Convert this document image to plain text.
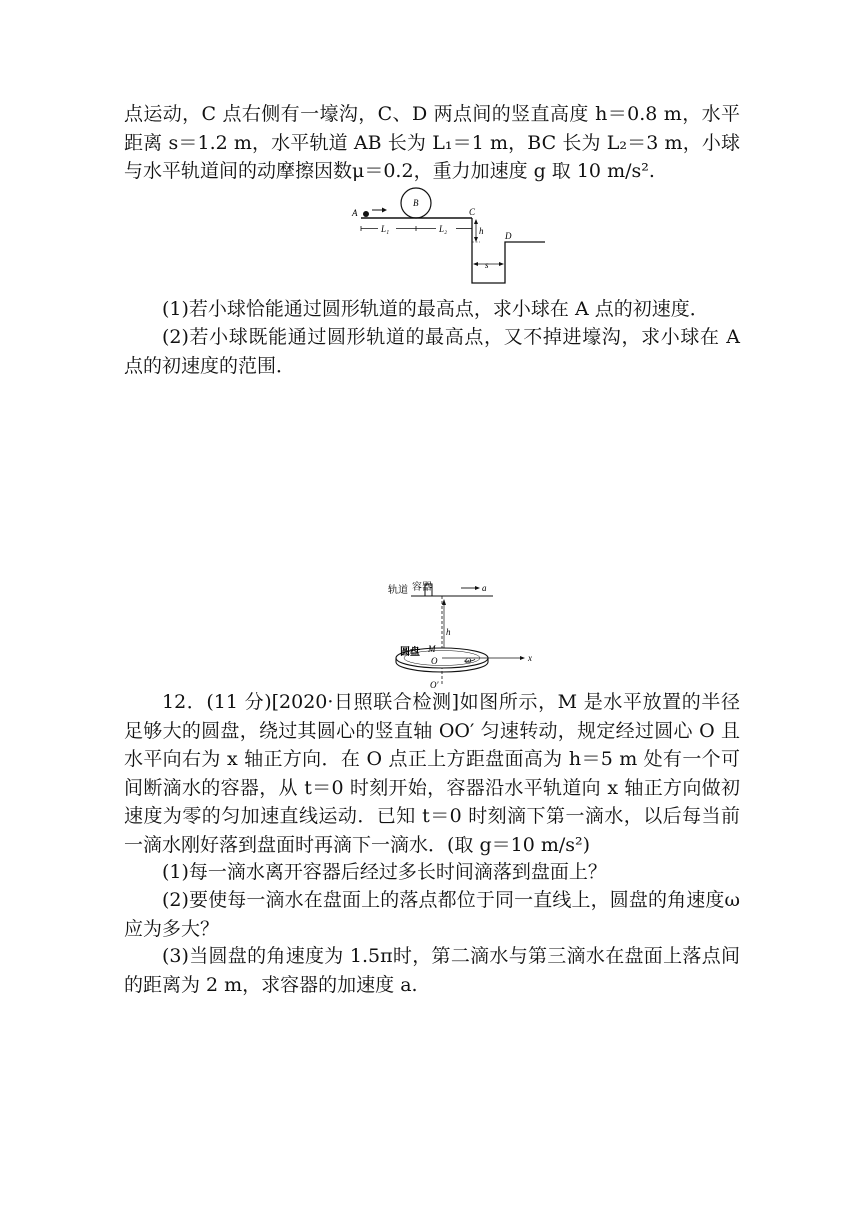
点运动，C 点右侧有一壕沟，C、D 两点间的竖直高度 h＝0.8 m，水平距离 s＝1.2 m，水平轨道 AB 长为 L₁＝1 m，BC 长为 L₂＝3 m，小球与水平轨道间的动摩擦因数μ＝0.2，重力加速度 g 取 10 m/s².

A
B
C
D
L₁	L₂	h
s

(1)若小球恰能通过圆形轨道的最高点，求小球在 A 点的初速度．

(2)若小球既能通过圆形轨道的最高点，又不掉进壕沟，求小球在 A 点的初速度的范围．

轨道 容器	a
h
圆盘 M
O	ω	x
O′

12．(11 分)[2020·日照联合检测]如图所示，M 是水平放置的半径足够大的圆盘，绕过其圆心的竖直轴 OO′ 匀速转动，规定经过圆心 O 且水平向右为 x 轴正方向．在 O 点正上方距盘面高为 h＝5 m 处有一个可间断滴水的容器，从 t＝0 时刻开始，容器沿水平轨道向 x 轴正方向做初速度为零的匀加速直线运动．已知 t＝0 时刻滴下第一滴水，以后每当前一滴水刚好落到盘面时再滴下一滴水．(取 g＝10 m/s²)

(1)每一滴水离开容器后经过多长时间滴落到盘面上？

(2)要使每一滴水在盘面上的落点都位于同一直线上，圆盘的角速度ω应为多大？

(3)当圆盘的角速度为 1.5π时，第二滴水与第三滴水在盘面上落点间的距离为 2 m，求容器的加速度 a.
